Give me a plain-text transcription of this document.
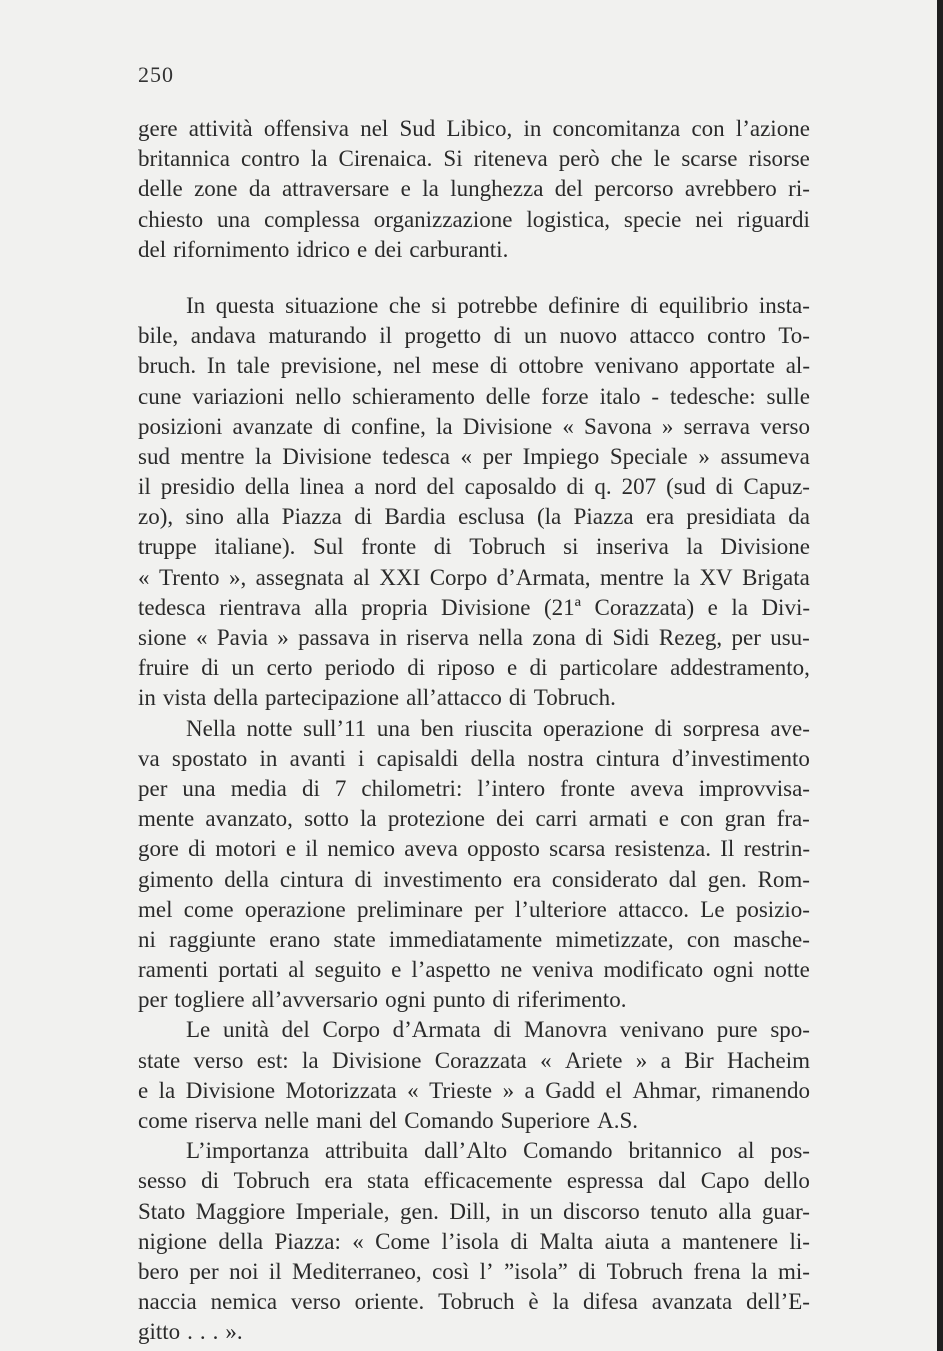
250
gere attività offensiva nel Sud Libico, in concomitanza con l’azione
britannica contro la Cirenaica. Si riteneva però che le scarse risorse
delle zone da attraversare e la lunghezza del percorso avrebbero ri-
chiesto una complessa organizzazione logistica, specie nei riguardi
del rifornimento idrico e dei carburanti.
In questa situazione che si potrebbe definire di equilibrio insta-
bile, andava maturando il progetto di un nuovo attacco contro To-
bruch. In tale previsione, nel mese di ottobre venivano apportate al-
cune variazioni nello schieramento delle forze italo - tedesche: sulle
posizioni avanzate di confine, la Divisione « Savona » serrava verso
sud mentre la Divisione tedesca « per Impiego Speciale » assumeva
il presidio della linea a nord del caposaldo di q. 207 (sud di Capuz-
zo), sino alla Piazza di Bardia esclusa (la Piazza era presidiata da
truppe italiane). Sul fronte di Tobruch si inseriva la Divisione
« Trento », assegnata al XXI Corpo d’Armata, mentre la XV Brigata
tedesca rientrava alla propria Divisione (21ª Corazzata) e la Divi-
sione « Pavia » passava in riserva nella zona di Sidi Rezeg, per usu-
fruire di un certo periodo di riposo e di particolare addestramento,
in vista della partecipazione all’attacco di Tobruch.
Nella notte sull’11 una ben riuscita operazione di sorpresa ave-
va spostato in avanti i capisaldi della nostra cintura d’investimento
per una media di 7 chilometri: l’intero fronte aveva improvvisa-
mente avanzato, sotto la protezione dei carri armati e con gran fra-
gore di motori e il nemico aveva opposto scarsa resistenza. Il restrin-
gimento della cintura di investimento era considerato dal gen. Rom-
mel come operazione preliminare per l’ulteriore attacco. Le posizio-
ni raggiunte erano state immediatamente mimetizzate, con masche-
ramenti portati al seguito e l’aspetto ne veniva modificato ogni notte
per togliere all’avversario ogni punto di riferimento.
Le unità del Corpo d’Armata di Manovra venivano pure spo-
state verso est: la Divisione Corazzata « Ariete » a Bir Hacheim
e la Divisione Motorizzata « Trieste » a Gadd el Ahmar, rimanendo
come riserva nelle mani del Comando Superiore A.S.
L’importanza attribuita dall’Alto Comando britannico al pos-
sesso di Tobruch era stata efficacemente espressa dal Capo dello
Stato Maggiore Imperiale, gen. Dill, in un discorso tenuto alla guar-
nigione della Piazza: « Come l’isola di Malta aiuta a mantenere li-
bero per noi il Mediterraneo, così l’ ”isola” di Tobruch frena la mi-
naccia nemica verso oriente. Tobruch è la difesa avanzata dell’E-
gitto . . . ».
